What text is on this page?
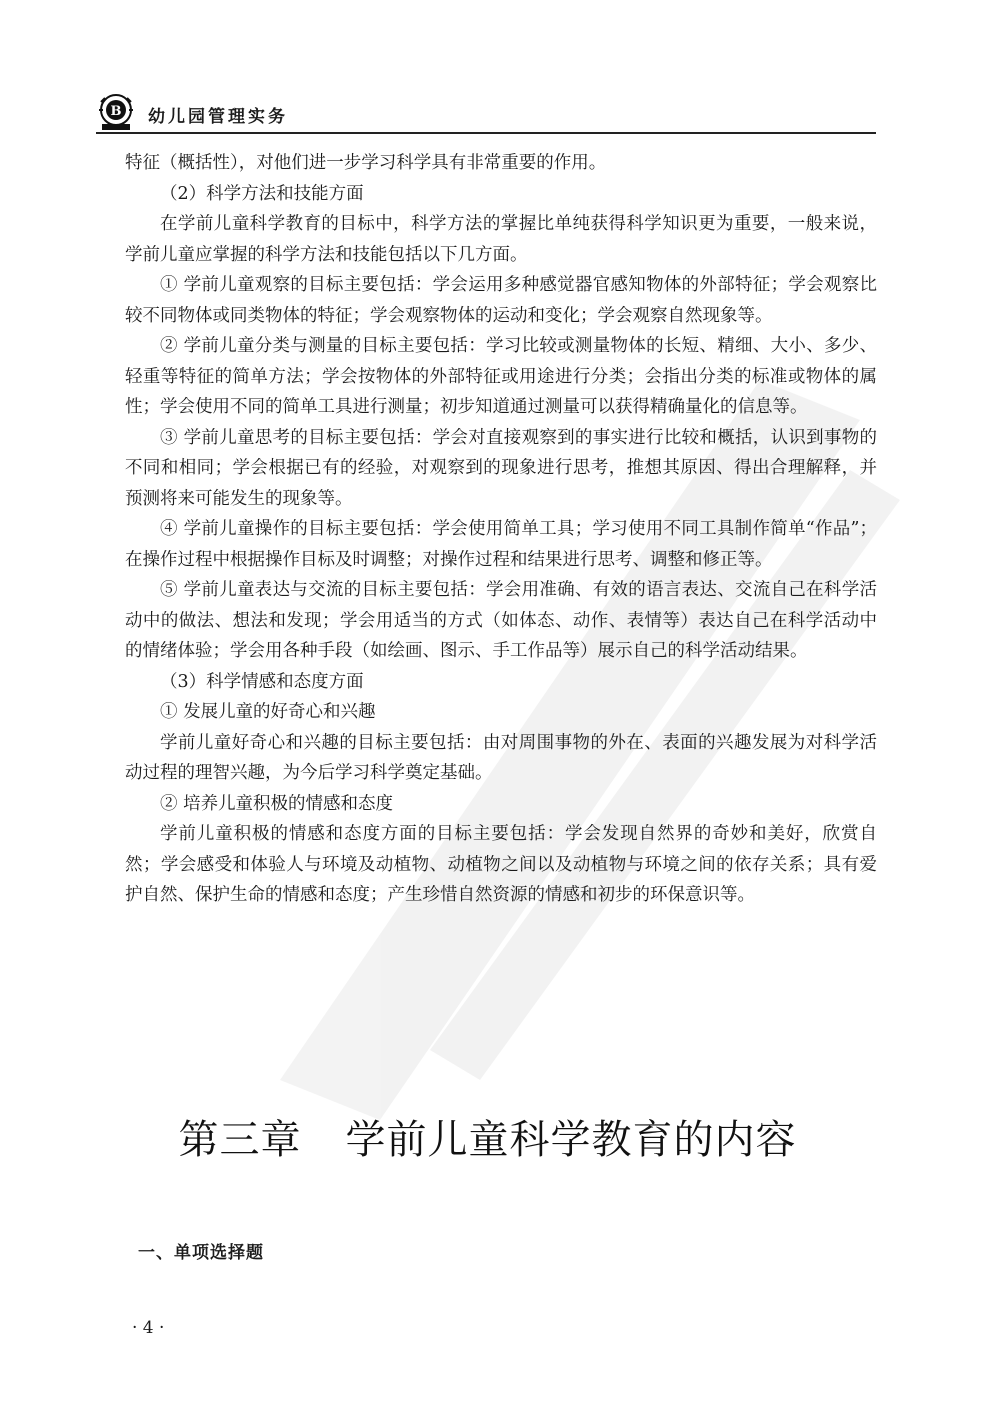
B 幼儿园管理实务

特征（概括性），对他们进一步学习科学具有非常重要的作用。

（2）科学方法和技能方面

在学前儿童科学教育的目标中，科学方法的掌握比单纯获得科学知识更为重要，一般来说，学前儿童应掌握的科学方法和技能包括以下几方面。

① 学前儿童观察的目标主要包括：学会运用多种感觉器官感知物体的外部特征；学会观察比较不同物体或同类物体的特征；学会观察物体的运动和变化；学会观察自然现象等。

② 学前儿童分类与测量的目标主要包括：学习比较或测量物体的长短、精细、大小、多少、轻重等特征的简单方法；学会按物体的外部特征或用途进行分类；会指出分类的标准或物体的属性；学会使用不同的简单工具进行测量；初步知道通过测量可以获得精确量化的信息等。

③ 学前儿童思考的目标主要包括：学会对直接观察到的事实进行比较和概括，认识到事物的不同和相同；学会根据已有的经验，对观察到的现象进行思考，推想其原因、得出合理解释，并预测将来可能发生的现象等。

④ 学前儿童操作的目标主要包括：学会使用简单工具；学习使用不同工具制作简单“作品”；在操作过程中根据操作目标及时调整；对操作过程和结果进行思考、调整和修正等。

⑤ 学前儿童表达与交流的目标主要包括：学会用准确、有效的语言表达、交流自己在科学活动中的做法、想法和发现；学会用适当的方式（如体态、动作、表情等）表达自己在科学活动中的情绪体验；学会用各种手段（如绘画、图示、手工作品等）展示自己的科学活动结果。

（3）科学情感和态度方面

① 发展儿童的好奇心和兴趣

学前儿童好奇心和兴趣的目标主要包括：由对周围事物的外在、表面的兴趣发展为对科学活动过程的理智兴趣，为今后学习科学奠定基础。

② 培养儿童积极的情感和态度

学前儿童积极的情感和态度方面的目标主要包括：学会发现自然界的奇妙和美好，欣赏自然；学会感受和体验人与环境及动植物、动植物之间以及动植物与环境之间的依存关系；具有爱护自然、保护生命的情感和态度；产生珍惜自然资源的情感和初步的环保意识等。

第三章 学前儿童科学教育的内容
一、单项选择题
· 4 ·
